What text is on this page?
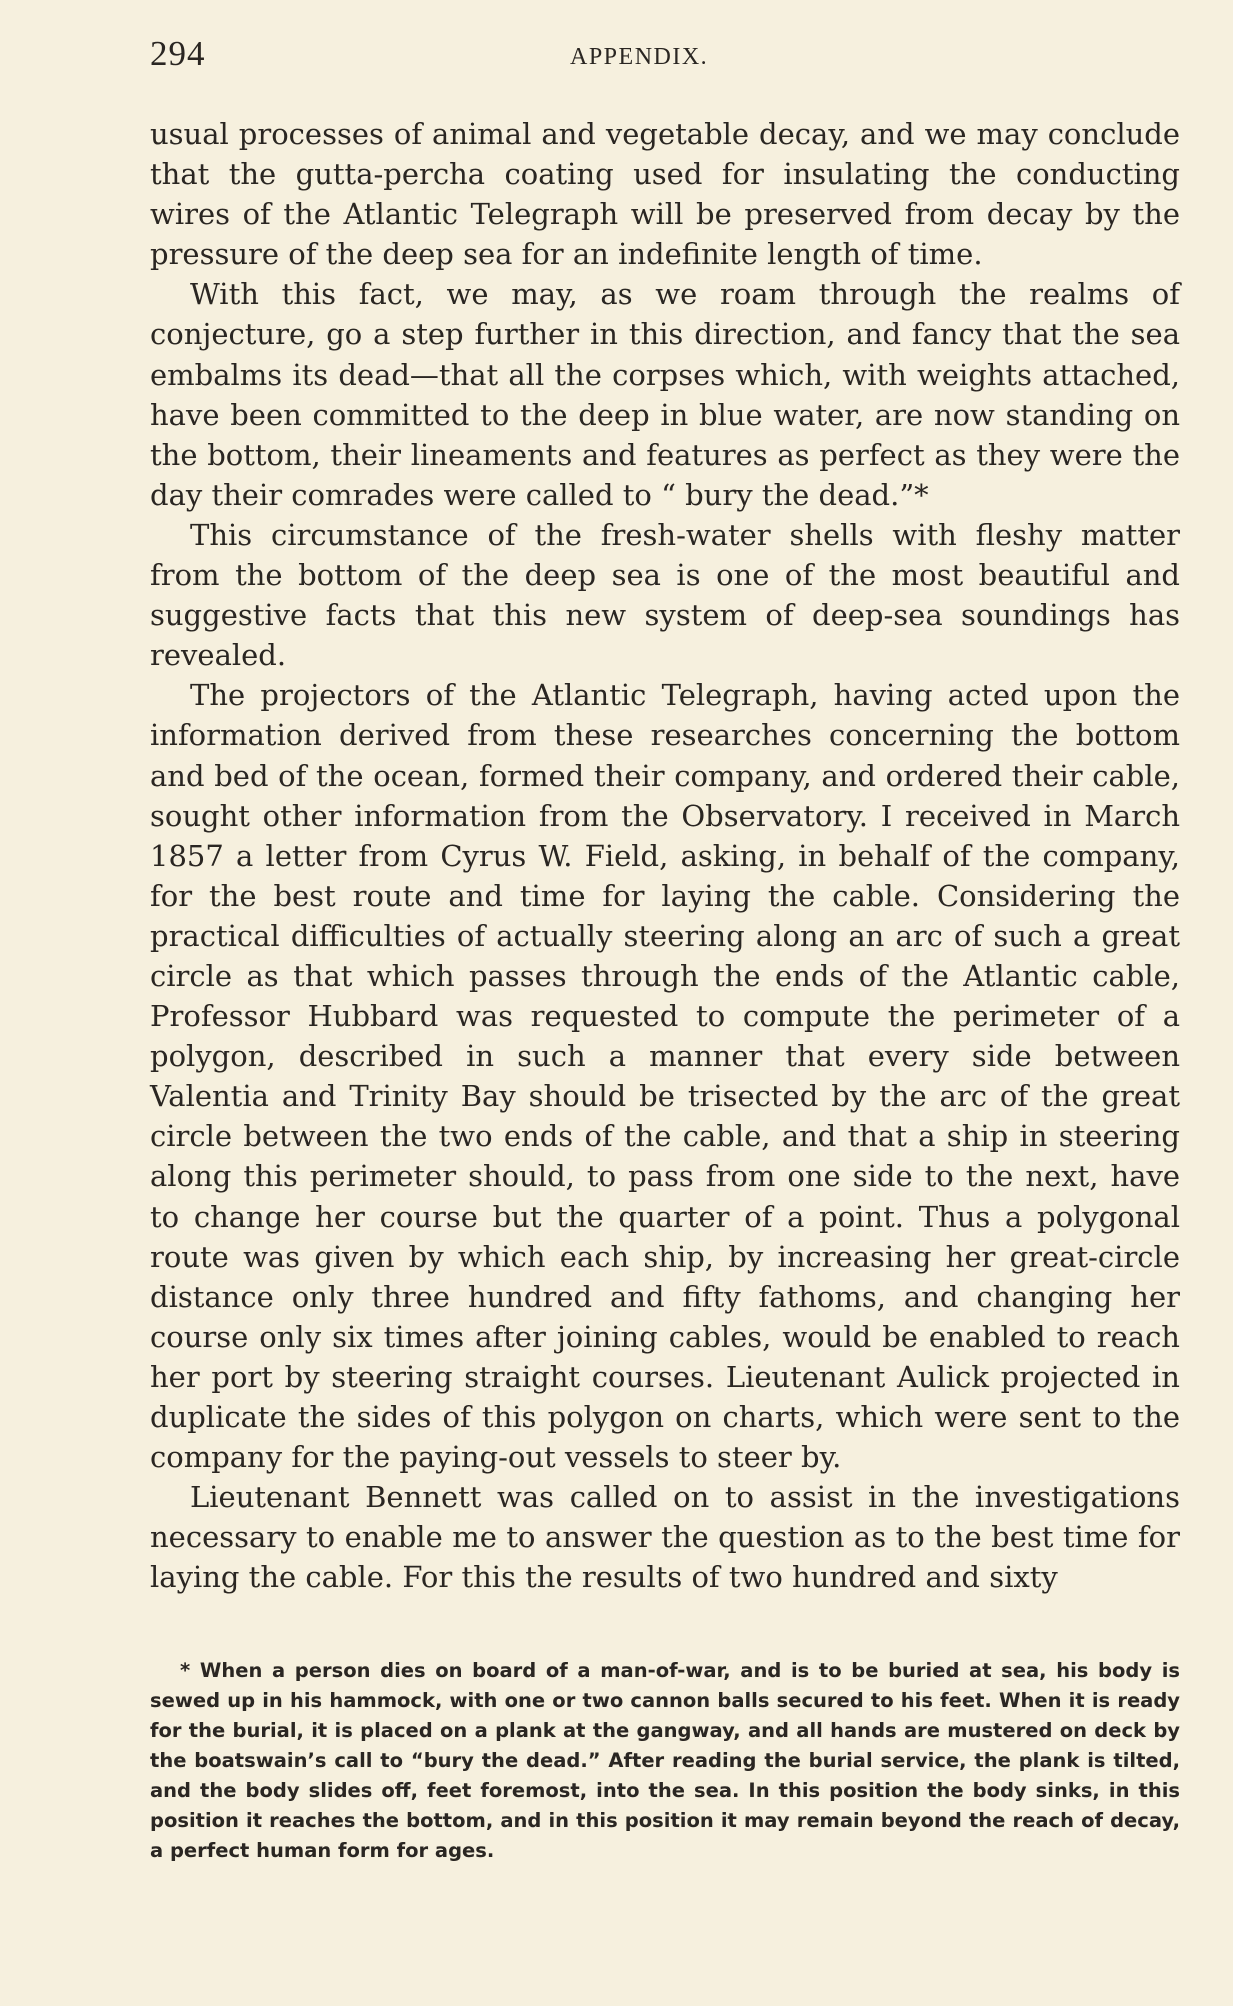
294	APPENDIX.

usual processes of animal and vegetable decay, and we may conclude that the gutta-percha coating used for insulating the conducting wires of the Atlantic Telegraph will be preserved from decay by the pressure of the deep sea for an indefinite length of time.

With this fact, we may, as we roam through the realms of conjecture, go a step further in this direction, and fancy that the sea embalms its dead—that all the corpses which, with weights attached, have been committed to the deep in blue water, are now standing on the bottom, their lineaments and features as perfect as they were the day their comrades were called to “ bury the dead.”*

This circumstance of the fresh-water shells with fleshy matter from the bottom of the deep sea is one of the most beautiful and suggestive facts that this new system of deep-sea soundings has revealed.

The projectors of the Atlantic Telegraph, having acted upon the information derived from these researches concerning the bottom and bed of the ocean, formed their company, and ordered their cable, sought other information from the Observatory. I received in March 1857 a letter from Cyrus W. Field, asking, in behalf of the company, for the best route and time for laying the cable. Considering the practical difficulties of actually steering along an arc of such a great circle as that which passes through the ends of the Atlantic cable, Professor Hubbard was requested to compute the perimeter of a polygon, described in such a manner that every side between Valentia and Trinity Bay should be trisected by the arc of the great circle between the two ends of the cable, and that a ship in steering along this perimeter should, to pass from one side to the next, have to change her course but the quarter of a point. Thus a polygonal route was given by which each ship, by increasing her great-circle distance only three hundred and fifty fathoms, and changing her course only six times after joining cables, would be enabled to reach her port by steering straight courses. Lieutenant Aulick projected in duplicate the sides of this polygon on charts, which were sent to the company for the paying-out vessels to steer by.

Lieutenant Bennett was called on to assist in the investigations necessary to enable me to answer the question as to the best time for laying the cable. For this the results of two hundred and sixty

* When a person dies on board of a man-of-war, and is to be buried at sea, his body is sewed up in his hammock, with one or two cannon balls secured to his feet. When it is ready for the burial, it is placed on a plank at the gangway, and all hands are mustered on deck by the boatswain’s call to “bury the dead.” After reading the burial service, the plank is tilted, and the body slides off, feet foremost, into the sea. In this position the body sinks, in this position it reaches the bottom, and in this position it may remain beyond the reach of decay, a perfect human form for ages.
